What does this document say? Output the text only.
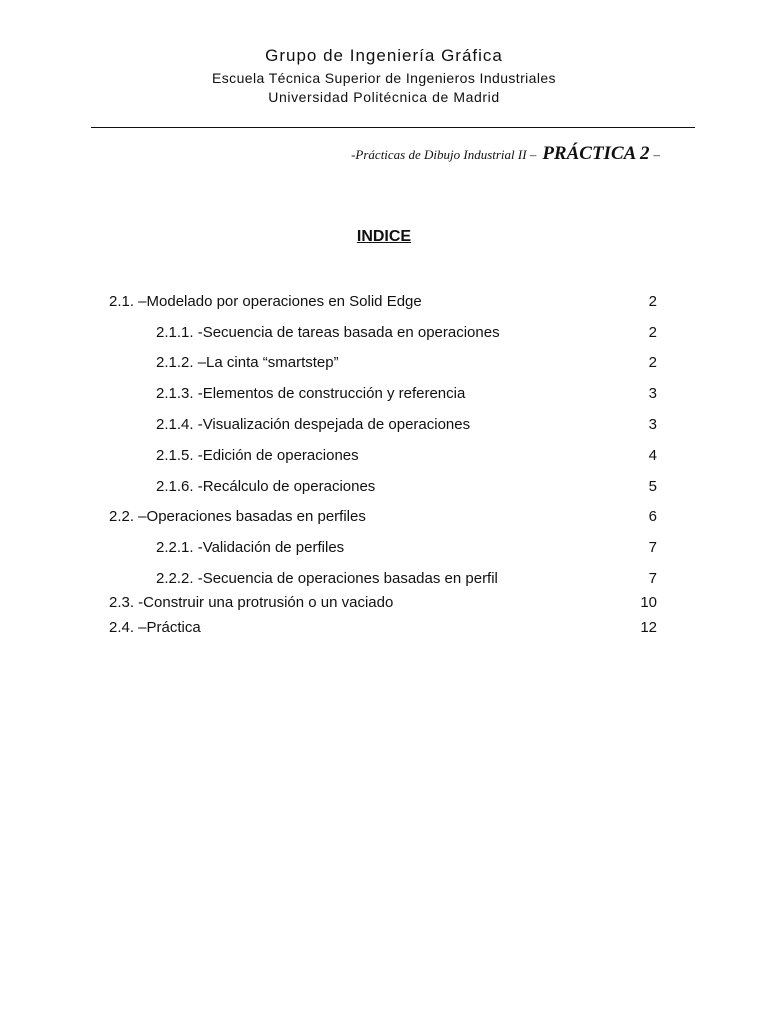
Grupo de Ingeniería Gráfica
Escuela Técnica Superior de Ingenieros Industriales
Universidad Politécnica de Madrid
-Prácticas de Dibujo Industrial II – PRÁCTICA 2 –
INDICE
2.1. –Modelado por operaciones en Solid Edge	2
2.1.1. -Secuencia de tareas basada en operaciones	2
2.1.2. –La cinta “smartstep”	2
2.1.3. -Elementos de construcción y referencia	3
2.1.4. -Visualización despejada de operaciones	3
2.1.5. -Edición de operaciones	4
2.1.6. -Recálculo de operaciones	5
2.2. –Operaciones basadas en perfiles	6
2.2.1. -Validación de perfiles	7
2.2.2. -Secuencia de operaciones basadas en perfil	7
2.3. -Construir una protrusión o un vaciado	10
2.4. –Práctica	12
